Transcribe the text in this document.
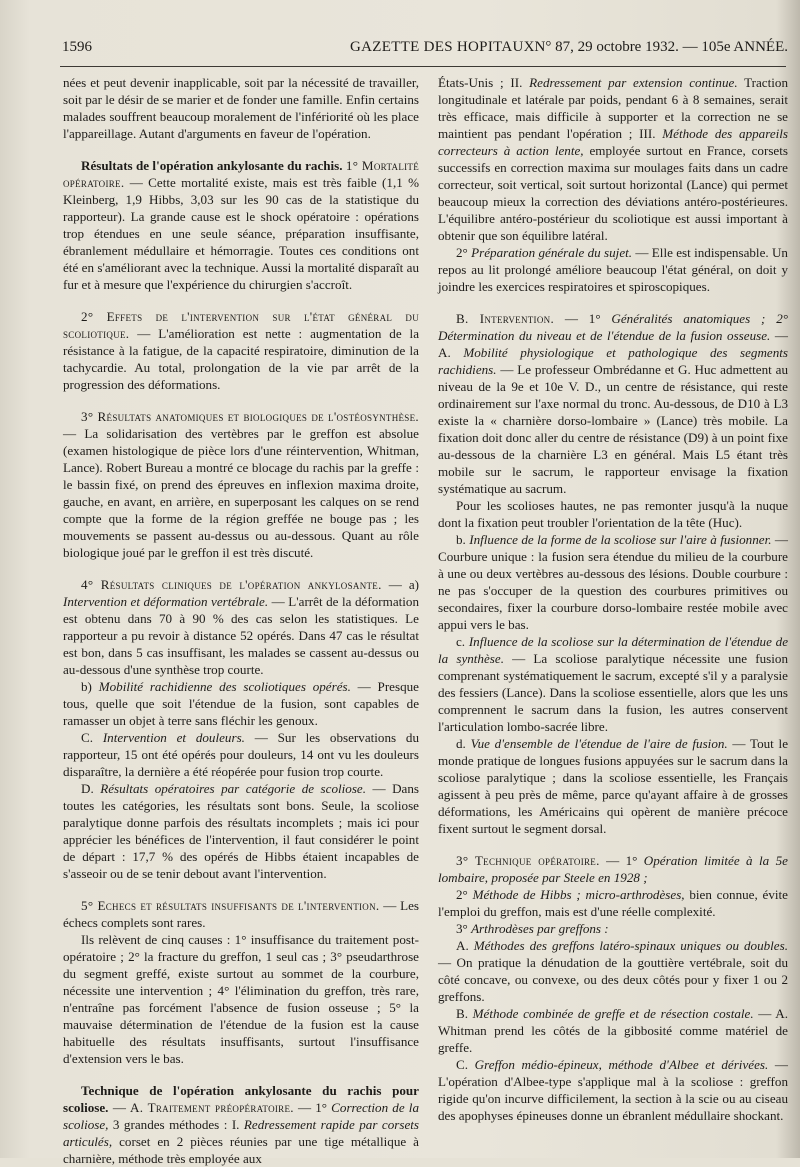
1596	GAZETTE DES HOPITAUX N° 87, 29 octobre 1932. — 105e ANNÉE.

nées et peut devenir inapplicable, soit par la nécessité de travailler, soit par le désir de se marier et de fonder une famille. Enfin certains malades souffrent beaucoup moralement de l'infériorité où les place l'appareillage. Autant d'arguments en faveur de l'opération.

Résultats de l'opération ankylosante du rachis. 1° Mortalité opératoire. — Cette mortalité existe, mais est très faible (1,1 % Kleinberg, 1,9 Hibbs, 3,03 sur les 90 cas de la statistique du rapporteur). La grande cause est le shock opératoire : opérations trop étendues en une seule séance, préparation insuffisante, ébranlement médullaire et hémorragie. Toutes ces conditions ont été en s'améliorant avec la technique. Aussi la mortalité disparaît au fur et à mesure que l'expérience du chirurgien s'accroît.

2° Effets de l'intervention sur l'état général du scoliotique. — L'amélioration est nette : augmentation de la résistance à la fatigue, de la capacité respiratoire, diminution de la tachycardie. Au total, prolongation de la vie par arrêt de la progression des déformations.

3° Résultats anatomiques et biologiques de l'ostéosynthèse. — La solidarisation des vertèbres par le greffon est absolue (examen histologique de pièce lors d'une réintervention, Whitman, Lance). Robert Bureau a montré ce blocage du rachis par la greffe : le bassin fixé, on prend des épreuves en inflexion maxima droite, gauche, en avant, en arrière, en superposant les calques on se rend compte que la forme de la région greffée ne bouge pas ; les mouvements se passent au-dessus ou au-dessous. Quant au rôle biologique joué par le greffon il est très discuté.

4° Résultats cliniques de l'opération ankylosante. — a) Intervention et déformation vertébrale. — L'arrêt de la déformation est obtenu dans 70 à 90 % des cas selon les statistiques. Le rapporteur a pu revoir à distance 52 opérés. Dans 47 cas le résultat est bon, dans 5 cas insuffisant, les malades se cassent au-dessus ou au-dessous d'une synthèse trop courte.

b) Mobilité rachidienne des scoliotiques opérés. — Presque tous, quelle que soit l'étendue de la fusion, sont capables de ramasser un objet à terre sans fléchir les genoux.

C. Intervention et douleurs. — Sur les observations du rapporteur, 15 ont été opérés pour douleurs, 14 ont vu les douleurs disparaître, la dernière a été réopérée pour fusion trop courte.

D. Résultats opératoires par catégorie de scoliose. — Dans toutes les catégories, les résultats sont bons. Seule, la scoliose paralytique donne parfois des résultats incomplets ; mais ici pour apprécier les bénéfices de l'intervention, il faut considérer le point de départ : 17,7 % des opérés de Hibbs étaient incapables de s'asseoir ou de se tenir debout avant l'intervention.

5° Echecs et résultats insuffisants de l'intervention. — Les échecs complets sont rares.

Ils relèvent de cinq causes : 1° insuffisance du traitement post-opératoire ; 2° la fracture du greffon, 1 seul cas ; 3° pseudarthrose du segment greffé, existe surtout au sommet de la courbure, nécessite une intervention ; 4° l'élimination du greffon, très rare, n'entraîne pas forcément l'absence de fusion osseuse ; 5° la mauvaise détermination de l'étendue de la fusion est la cause habituelle des résultats insuffisants, surtout l'insuffisance d'extension vers le bas.

Technique de l'opération ankylosante du rachis pour scoliose. — A. Traitement préopératoire. — 1° Correction de la scoliose, 3 grandes méthodes : I. Redressement rapide par corsets articulés, corset en 2 pièces réunies par une tige métallique à charnière, méthode très employée aux

États-Unis ; II. Redressement par extension continue. Traction longitudinale et latérale par poids, pendant 6 à 8 semaines, serait très efficace, mais difficile à supporter et la correction ne se maintient pas pendant l'opération ; III. Méthode des appareils correcteurs à action lente, employée surtout en France, corsets successifs en correction maxima sur moulages faits dans un cadre correcteur, soit vertical, soit surtout horizontal (Lance) qui permet beaucoup mieux la correction des déviations antéro-postérieures. L'équilibre antéro-postérieur du scoliotique est aussi important à obtenir que son équilibre latéral.

2° Préparation générale du sujet. — Elle est indispensable. Un repos au lit prolongé améliore beaucoup l'état général, on doit y joindre les exercices respiratoires et spiroscopiques.

B. Intervention. — 1° Généralités anatomiques ; 2° Détermination du niveau et de l'étendue de la fusion osseuse. — A. Mobilité physiologique et pathologique des segments rachidiens. — Le professeur Ombrédanne et G. Huc admettent au niveau de la 9e et 10e V. D., un centre de résistance, qui reste ordinairement sur l'axe normal du tronc. Au-dessous, de D10 à L3 existe la « charnière dorso-lombaire » (Lance) très mobile. La fixation doit donc aller du centre de résistance (D9) à un point fixe au-dessous de la charnière L3 en général. Mais L5 étant très mobile sur le sacrum, le rapporteur envisage la fixation systématique au sacrum.

Pour les scolioses hautes, ne pas remonter jusqu'à la nuque dont la fixation peut troubler l'orientation de la tête (Huc).

b. Influence de la forme de la scoliose sur l'aire à fusionner. — Courbure unique : la fusion sera étendue du milieu de la courbure à une ou deux vertèbres au-dessous des lésions. Double courbure : ne pas s'occuper de la question des courbures primitives ou secondaires, fixer la courbure dorso-lombaire restée mobile avec appui vers le bas.

c. Influence de la scoliose sur la détermination de l'étendue de la synthèse. — La scoliose paralytique nécessite une fusion comprenant systématiquement le sacrum, excepté s'il y a paralysie des fessiers (Lance). Dans la scoliose essentielle, alors que les uns comprennent le sacrum dans la fusion, les autres conservent l'articulation lombo-sacrée libre.

d. Vue d'ensemble de l'étendue de l'aire de fusion. — Tout le monde pratique de longues fusions appuyées sur le sacrum dans la scoliose paralytique ; dans la scoliose essentielle, les Français agissent à peu près de même, parce qu'ayant affaire à de grosses déformations, les Américains qui opèrent de manière précoce fixent surtout le segment dorsal.

3° Technique opératoire. — 1° Opération limitée à la 5e lombaire, proposée par Steele en 1928 ;

2° Méthode de Hibbs ; micro-arthrodèses, bien connue, évite l'emploi du greffon, mais est d'une réelle complexité.

3° Arthrodèses par greffons :

A. Méthodes des greffons latéro-spinaux uniques ou doubles. — On pratique la dénudation de la gouttière vertébrale, soit du côté concave, ou convexe, ou des deux côtés pour y fixer 1 ou 2 greffons.

B. Méthode combinée de greffe et de résection costale. — A. Whitman prend les côtés de la gibbosité comme matériel de greffe.

C. Greffon médio-épineux, méthode d'Albee et dérivées. — L'opération d'Albee-type s'applique mal à la scoliose : greffon rigide qu'on incurve difficilement, la section à la scie ou au ciseau des apophyses épineuses donne un ébranlent médullaire shockant.
